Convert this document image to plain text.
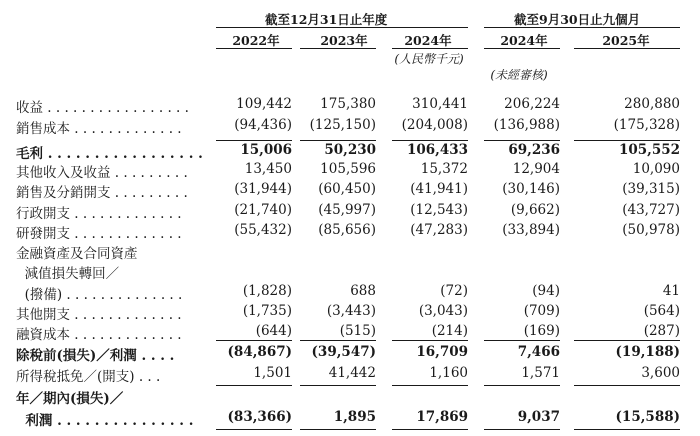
截至12月31日止年度	截至9月30日止九個月
2022年	2023年	2024年	2024年	2025年
(人民幣千元)
(未經審核)
收益 . . . . . . . . . . . . . . . . .	109,442 175,380	310,441	206,224	280,880
銷售成本 . . . . . . . . . . . . .	(94,436) (125,150) (204,008) (136,988)	(175,328)
毛利 . . . . . . . . . . . . . . . . .	15,006 50,230 106,433	69,236	105,552
其他收入及收益 . . . . . . . . .	13,450 105,596	15,372	12,904	10,090
銷售及分銷開支 . . . . . . . . .	(31,944) (60,450)	(41,941)	(30,146)	(39,315)
行政開支 . . . . . . . . . . . . .	(21,740) (45,997)	(12,543)	(9,662)	(43,727)
研發開支 . . . . . . . . . . . . .	(55,432) (85,656)	(47,283)	(33,894)	(50,978)
金融資產及合同資產
減值損失轉回／
(撥備) . . . . . . . . . . . . . .	(1,828)	688	(72)	(94)	41
其他開支 . . . . . . . . . . . . .	(1,735)	(3,443)	(3,043)	(709)	(564)
融資成本 . . . . . . . . . . . . .	(644)	(515)	(214)	(169)	(287)
除稅前(損失)／利潤 . . . .	(84,867) (39,547)	16,709	7,466	(19,188)
所得稅抵免／(開支) . . .	1,501	41,442	1,160	1,571	3,600
年／期內(損失)／
利潤 . . . . . . . . . . . . . . .	(83,366)	1,895	17,869	9,037	(15,588)
